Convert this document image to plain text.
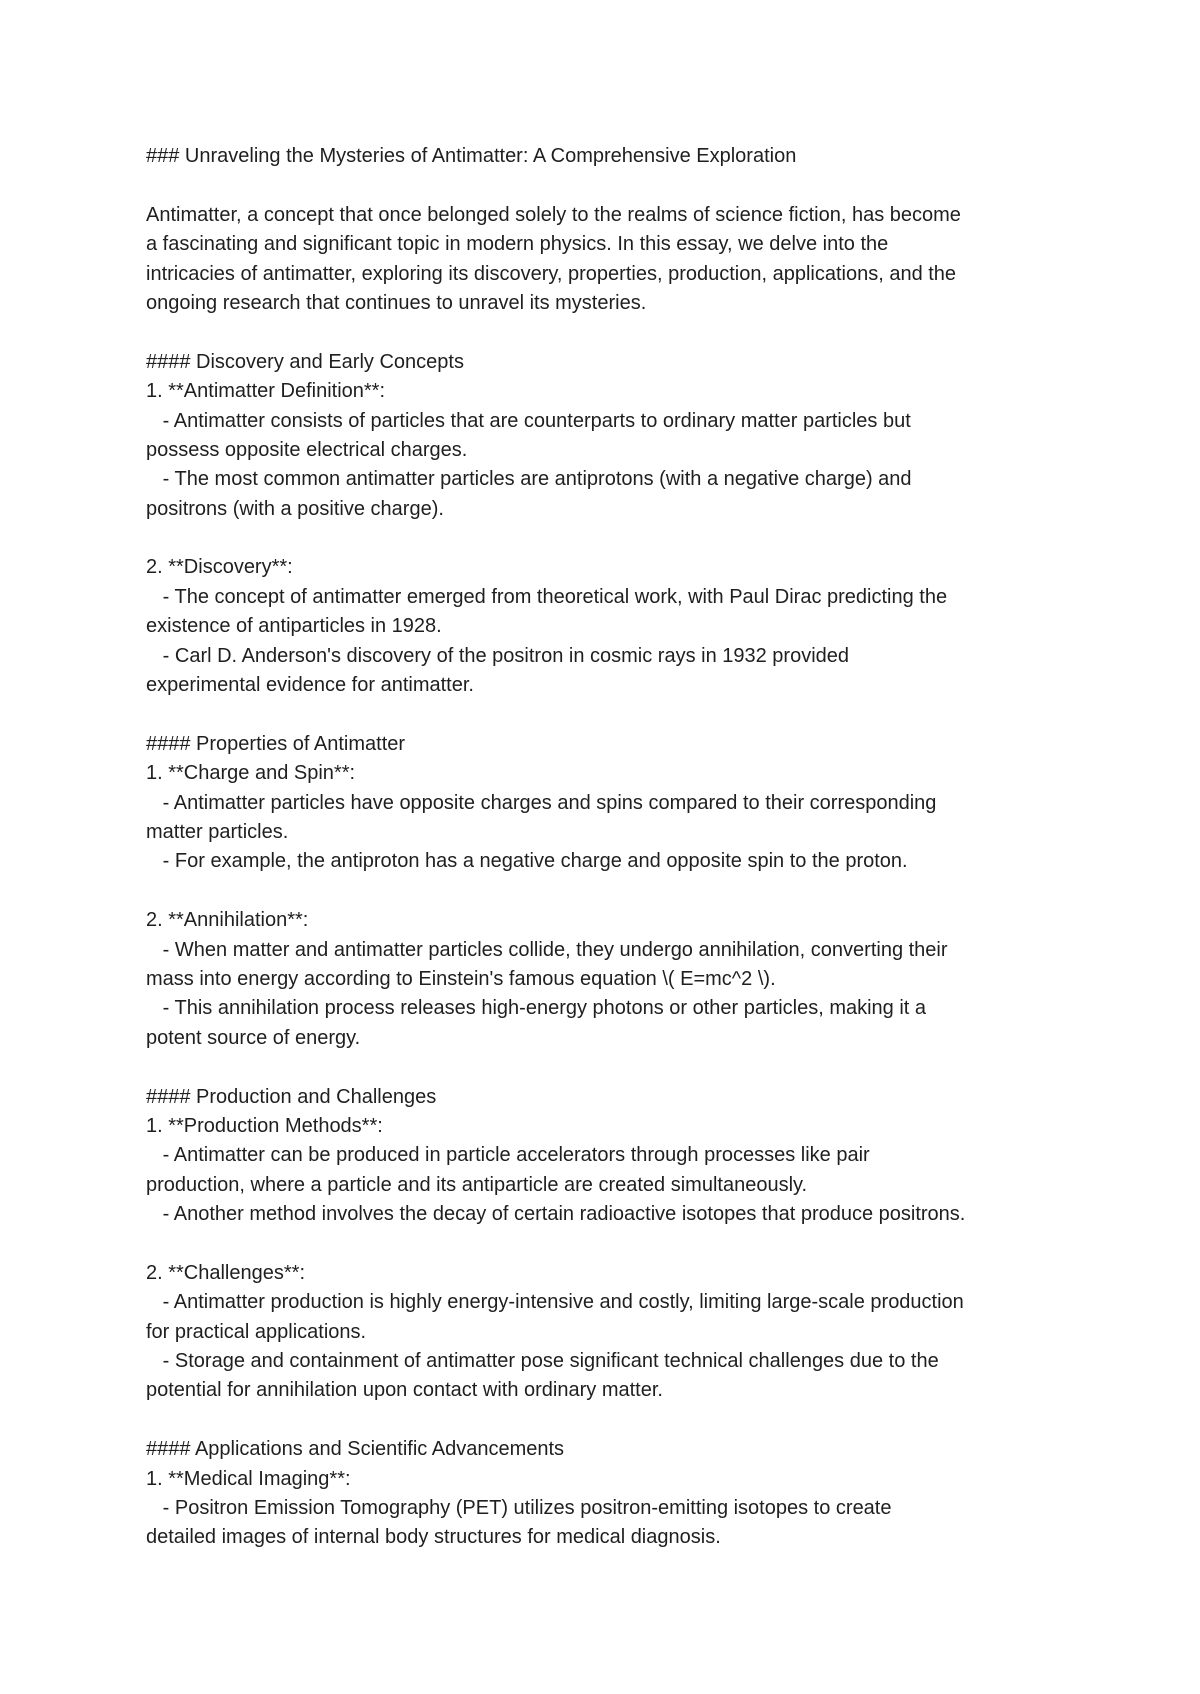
### Unraveling the Mysteries of Antimatter: A Comprehensive Exploration
Antimatter, a concept that once belonged solely to the realms of science fiction, has become
a fascinating and significant topic in modern physics. In this essay, we delve into the
intricacies of antimatter, exploring its discovery, properties, production, applications, and the
ongoing research that continues to unravel its mysteries.
#### Discovery and Early Concepts
1. **Antimatter Definition**:
- Antimatter consists of particles that are counterparts to ordinary matter particles but
possess opposite electrical charges.
- The most common antimatter particles are antiprotons (with a negative charge) and
positrons (with a positive charge).
2. **Discovery**:
- The concept of antimatter emerged from theoretical work, with Paul Dirac predicting the
existence of antiparticles in 1928.
- Carl D. Anderson's discovery of the positron in cosmic rays in 1932 provided
experimental evidence for antimatter.
#### Properties of Antimatter
1. **Charge and Spin**:
- Antimatter particles have opposite charges and spins compared to their corresponding
matter particles.
- For example, the antiproton has a negative charge and opposite spin to the proton.
2. **Annihilation**:
- When matter and antimatter particles collide, they undergo annihilation, converting their
mass into energy according to Einstein's famous equation \( E=mc^2 \).
- This annihilation process releases high-energy photons or other particles, making it a
potent source of energy.
#### Production and Challenges
1. **Production Methods**:
- Antimatter can be produced in particle accelerators through processes like pair
production, where a particle and its antiparticle are created simultaneously.
- Another method involves the decay of certain radioactive isotopes that produce positrons.
2. **Challenges**:
- Antimatter production is highly energy-intensive and costly, limiting large-scale production
for practical applications.
- Storage and containment of antimatter pose significant technical challenges due to the
potential for annihilation upon contact with ordinary matter.
#### Applications and Scientific Advancements
1. **Medical Imaging**:
- Positron Emission Tomography (PET) utilizes positron-emitting isotopes to create
detailed images of internal body structures for medical diagnosis.
